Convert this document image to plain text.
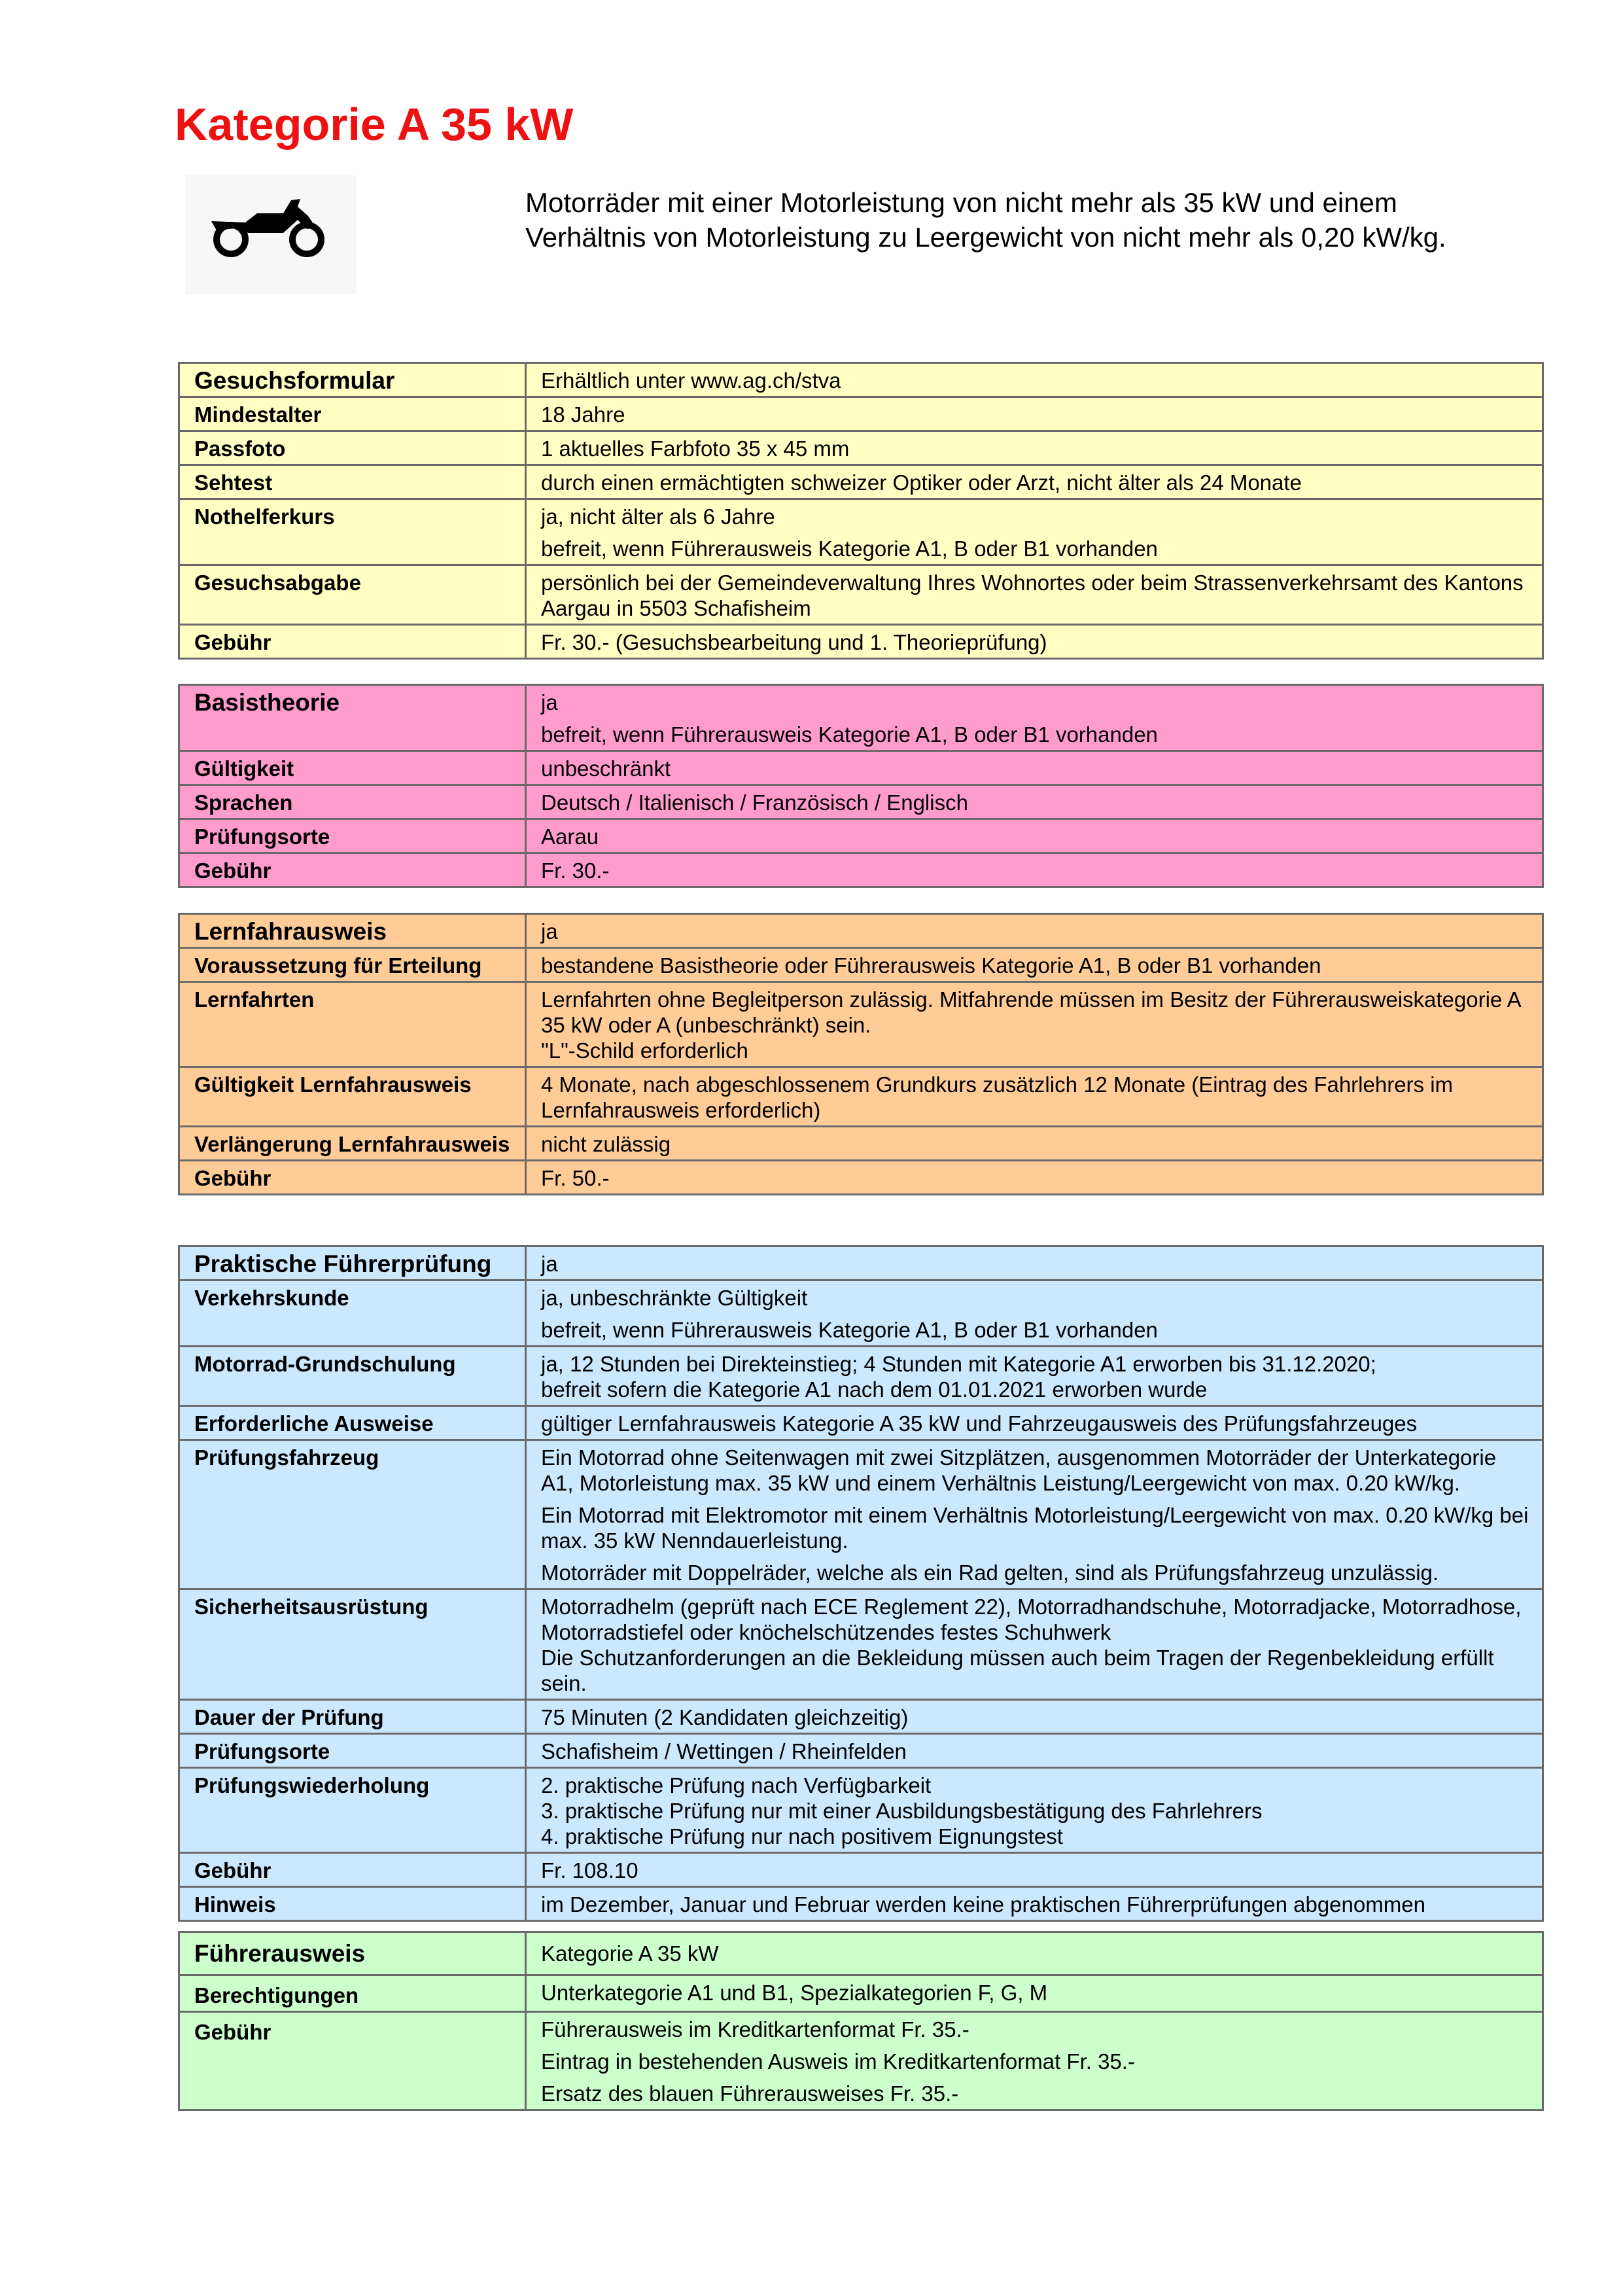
Kategorie A 35 kW
Motorräder mit einer Motorleistung von nicht mehr als 35 kW und einem Verhältnis von Motorleistung zu Leergewicht von nicht mehr als 0,20 kW/kg.
Gesuchsformular	Erhältlich unter www.ag.ch/stva

Mindestalter	18 Jahre

Passfoto	1 aktuelles Farbfoto 35 x 45 mm

Sehtest	durch einen ermächtigten schweizer Optiker oder Arzt, nicht älter als 24 Monate

Nothelferkurs	ja, nicht älter als 6 Jahre

befreit, wenn Führerausweis Kategorie A1, B oder B1 vorhanden

Gesuchsabgabe	persönlich bei der Gemeindeverwaltung Ihres Wohnortes oder beim Strassenverkehrsamt des Kantons Aargau in 5503 Schafisheim

Gebühr	Fr. 30.- (Gesuchsbearbeitung und 1. Theorieprüfung)

Basistheorie	ja

befreit, wenn Führerausweis Kategorie A1, B oder B1 vorhanden

Gültigkeit	unbeschränkt

Sprachen	Deutsch / Italienisch / Französisch / Englisch

Prüfungsorte	Aarau

Gebühr	Fr. 30.-

Lernfahrausweis	ja

Voraussetzung für Erteilung	bestandene Basistheorie oder Führerausweis Kategorie A1, B oder B1 vorhanden

Lernfahrten	Lernfahrten ohne Begleitperson zulässig. Mitfahrende müssen im Besitz der Führerausweiskategorie A 35 kW oder A (unbeschränkt) sein.

"L"-Schild erforderlich

Gültigkeit Lernfahrausweis	4 Monate, nach abgeschlossenem Grundkurs zusätzlich 12 Monate (Eintrag des Fahrlehrers im Lernfahrausweis erforderlich)

Verlängerung Lernfahrausweis	nicht zulässig

Gebühr	Fr. 50.-

Praktische Führerprüfung	ja

Verkehrskunde	ja, unbeschränkte Gültigkeit

befreit, wenn Führerausweis Kategorie A1, B oder B1 vorhanden

Motorrad-Grundschulung	ja, 12 Stunden bei Direkteinstieg; 4 Stunden mit Kategorie A1 erworben bis 31.12.2020;

befreit sofern die Kategorie A1 nach dem 01.01.2021 erworben wurde

Erforderliche Ausweise	gültiger Lernfahrausweis Kategorie A 35 kW und Fahrzeugausweis des Prüfungsfahrzeuges

Prüfungsfahrzeug	Ein Motorrad ohne Seitenwagen mit zwei Sitzplätzen, ausgenommen Motorräder der Unterkategorie A1, Motorleistung max. 35 kW und einem Verhältnis Leistung/Leergewicht von max. 0.20 kW/kg.

Ein Motorrad mit Elektromotor mit einem Verhältnis Motorleistung/Leergewicht von max. 0.20 kW/kg bei max. 35 kW Nenndauerleistung.

Motorräder mit Doppelräder, welche als ein Rad gelten, sind als Prüfungsfahrzeug unzulässig.

Sicherheitsausrüstung	Motorradhelm (geprüft nach ECE Reglement 22), Motorradhandschuhe, Motorradjacke, Motorradhose, Motorradstiefel oder knöchelschützendes festes Schuhwerk

Die Schutzanforderungen an die Bekleidung müssen auch beim Tragen der Regenbekleidung erfüllt sein.

Dauer der Prüfung	75 Minuten (2 Kandidaten gleichzeitig)

Prüfungsorte	Schafisheim / Wettingen / Rheinfelden

Prüfungswiederholung	2. praktische Prüfung nach Verfügbarkeit

3. praktische Prüfung nur mit einer Ausbildungsbestätigung des Fahrlehrers

4. praktische Prüfung nur nach positivem Eignungstest

Gebühr	Fr. 108.10

Hinweis	im Dezember, Januar und Februar werden keine praktischen Führerprüfungen abgenommen

Führerausweis	Kategorie A 35 kW

Berechtigungen	Unterkategorie A1 und B1, Spezialkategorien F, G, M

Gebühr	Führerausweis im Kreditkartenformat Fr. 35.-

Eintrag in bestehenden Ausweis im Kreditkartenformat Fr. 35.-

Ersatz des blauen Führerausweises Fr. 35.-
